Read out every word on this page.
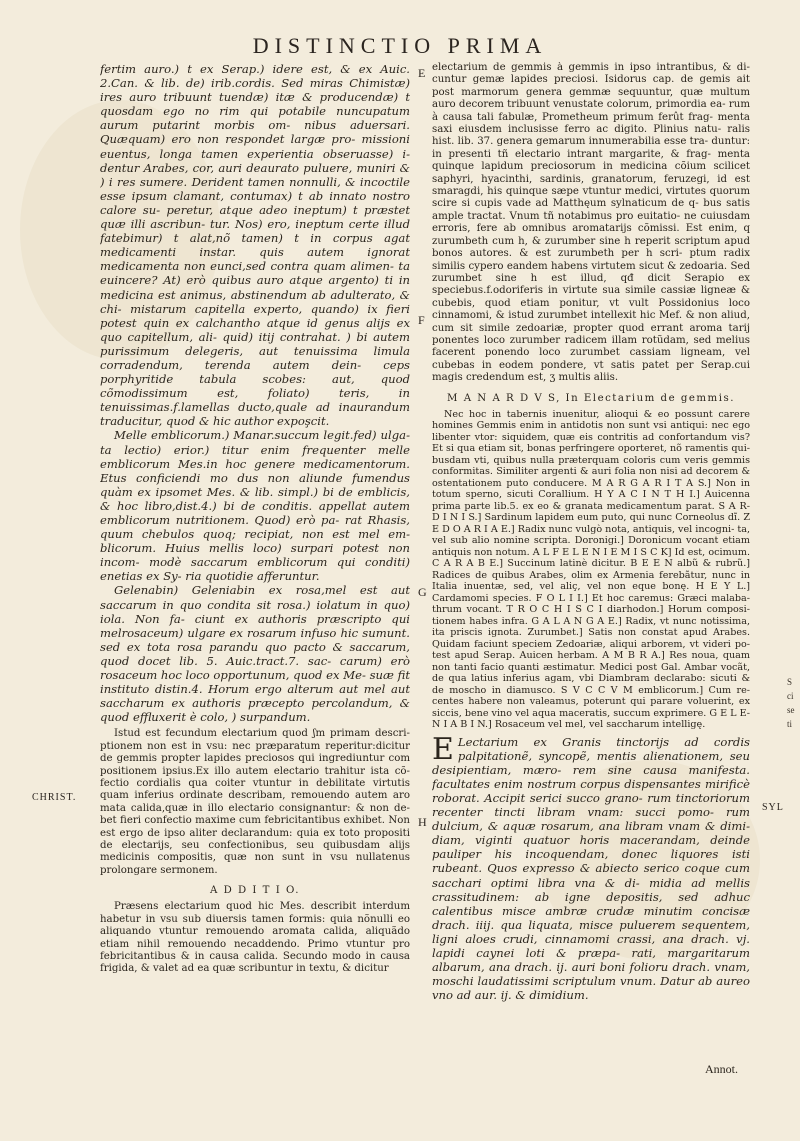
DISTINCTIO PRIMA

fertim auro.) t ex Serap.) idere est, & ex Auic. 2.Can. & lib. de) irib.cordis. Sed miras Chimistæ) ires auro tribuunt tuendæ) itæ & producendæ) t quosdam ego no rim qui potabile nuncupatum aurum putarint morbis om- nibus aduersari. Quæquam) ero non respondet largæ pro- missioni euentus, longa tamen experientia obseruasse) i- dentur Arabes, cor, auri deaurato puluere, muniri & ) i res sumere. Derident tamen nonnulli, & incoctile esse ipsum clamant, contumax) t ab innato nostro calore su- peretur, atque adeo ineptum) t præstet quæ illi ascribun- tur. Nos) ero, ineptum certe illud fatebimur) t alat,nõ tamen) t in corpus agat medicamenti instar. quis autem ignorat medicamenta non eunci,sed contra quam alimen- ta euincere? At) erò quibus auro atque argento) ti in medicina est animus, abstinendum ab adulterato, & chi- mistarum capitella experto, quando) ix fieri potest quin ex calchantho atque id genus alijs ex quo capitellum, ali- quid) itij contrahat. ) bi autem purissimum delegeris, aut tenuissima limula corradendum, terenda autem dein- ceps porphyritide tabula scobes: aut, quod cõmodissimum est, foliato) teris, in tenuissimas.f.lamellas ducto,quale ad inaurandum traducitur, quod & hic author expoşcit.

Melle emblicorum.) Manar.succum legit.fed) ulga- ta lectio) erior.) titur enim frequenter melle emblicorum Mes.in hoc genere medicamentorum. Etus conficiendi mo dus non aliunde fumendus quàm ex ipsomet Mes. & lib. simpl.) bi de emblicis, & hoc libro,dist.4.) bi de conditis. appellat autem emblicorum nutritionem. Quod) erò pa- rat Rhasis, quum chebulos quoq; recipiat, non est mel em- blicorum. Huius mellis loco) surpari potest non incom- modè saccarum emblicorum qui conditi) enetias ex Sy- ria quotidie afferuntur.

Gelenabin) Geleniabin ex rosa,mel est aut saccarum in quo condita sit rosa.) iolatum in quo) iola. Non fa- ciunt ex authoris præscripto qui melrosaceum) ulgare ex rosarum infuso hic sumunt. sed ex tota rosa parandu quo pacto & saccarum, quod docet lib. 5. Auic.tract.7. sac- carum) erò rosaceum hoc loco opportunum, quod ex Me- suæ fit instituto distin.4. Horum ergo alterum aut mel aut saccharum ex authoris præcepto percolandum, & quod effluxerit è colo, ) surpandum.

Istud est fecundum electarium quod ʃm primam descri- ptionem non est in vsu: nec præparatum reperitur:dicitur de gemmis propter lapides preciosos qui ingrediuntur com positionem ipsius.Ex illo autem electario trahitur ista cõ- fectio cordialis qua coiter vtuntur in debilitate virtutis quam inferius ordinate describam, remouendo autem aro mata calida,quæ in illo electario consignantur: & non de- bet fieri confectio maxime cum febricitantibus exhibet. Non est ergo de ipso aliter declarandum: quia ex toto propositi de electarijs, seu confectionibus, seu quibusdam alijs medicinis compositis, quæ non sunt in vsu nullatenus prolongare sermonem.

A D D I T I O.

Præsens electarium quod hic Mes. describit interdum habetur in vsu sub diuersis tamen formis: quia nõnulli eo aliquando vtuntur remouendo aromata calida, aliquãdo etiam nihil remouendo necaddendo. Primo vtuntur pro febricitantibus & in causa calida. Secundo modo in causa frigida, & valet ad ea quæ scribuntur in textu, & dicitur

electarium de gemmis à gemmis in ipso intrantibus, & di- cuntur gemæ lapides preciosi. Isidorus cap. de gemis ait post marmorum genera gemmæ sequuntur, quæ multum auro decorem tribuunt venustate colorum, primordia ea- rum à causa tali fabulæ, Prometheum primum ferût frag- menta saxi eiusdem inclusisse ferro ac digito. Plinius natu- ralis hist. lib. 37. genera gemarum innumerabilia esse tra- duntur: in presenti tñ electario intrant margarite, & frag- menta quinque lapidum preciosorum in medicina cõium scilicet saphyri, hyacinthi, sardinis, granatorum, feruzegi, id est smaragdi, his quinque sæpe vtuntur medici, virtutes quorum scire si cupis vade ad Matthęum sylnaticum de q- bus satis ample tractat. Vnum tñ notabimus pro euitatio- ne cuiusdam erroris, fere ab omnibus aromatarijs cõmissi. Est enim, q zurumbeth cum h, & zurumber sine h reperit scriptum apud bonos autores. & est zurumbeth per h scri- ptum radix similis cypero eandem habens virtutem sicut & zedoaria. Sed zurumbet sine h est illud, qđ dicit Serapio ex speciebus.f.odoriferis in virtute sua simile cassiæ ligneæ & cubebis, quod etiam ponitur, vt vult Possidonius loco cinnamomi, & istud zurumbet intellexit hic Mef. & non aliud, cum sit simile zedoariæ, propter quod errant aroma tarij ponentes loco zurumber radicem illam rotũdam, sed melius facerent ponendo loco zurumbet cassiam ligneam, vel cubebas in eodem pondere, vt satis patet per Serap.cui magis credendum est, ʒ multis aliis.

M A N A R D V S, In Electarium de gemmis.

Nec hoc in tabernis inuenitur, alioqui & eo possunt carere homines Gemmis enim in antidotis non sunt vsi antiqui: nec ego libenter vtor: siquidem, quæ eis contritis ad confortandum vis? Et si qua etiam sit, bonas perfringere oporteret, nõ ramentis qui- busdam vti, quibus nulla præterquam coloris cum veris gemmis conformitas. Similiter argenti & auri folia non nisi ad decorem & ostentationem puto conducere. M A R G A R I T A S.] Non in totum sperno, sicuti Corallium. H Y A C I N T H I.] Auicenna prima parte lib.5. ex eo & granata medicamentum parat. S A R- D I N I S.] Sardinum lapidem eum puto, qui nunc Corneolus dĩ. Z E D O A R I A E.] Radix nunc vulgò nota, antiquis, vel incogni- ta, vel sub alio nomine scripta. Doronigi.] Doronicum vocant etiam antiquis non notum. A L F E L E N I E M I S C K] Id est, ocimum. C A R A B E.] Succinum latinè dicitur. B E E N albũ & rubrũ.] Radices de quibus Arabes, olim ex Armenia ferebãtur, nunc in Italia inuentæ, sed, vel aliç, vel non eque bonę. H E Y L.] Cardamomi species. F O L I I.] Et hoc caremus: Græci malaba- thrum vocant. T R O C H I S C I diarhodon.] Horum composi- tionem habes infra. G A L A N G A E.] Radix, vt nunc notissima, ita priscis ignota. Zurumbet.] Satis non constat apud Arabes. Quidam faciunt speciem Zedoariæ, aliqui arborem, vt videri po- test apud Serap. Auicen herbam. A M B R A.] Res noua, quam non tanti facio quanti æstimatur. Medici post Gal. Ambar vocãt, de qua latius inferius agam, vbi Diambram declarabo: sicuti & de moscho in diamusco. S V C C V M emblicorum.] Cum re- centes habere non valeamus, poterunt qui parare voluerint, ex siccis, bene vino vel aqua maceratis, succum exprimere. G E L E- N I A B I N.] Rosaceum vel mel, vel saccharum intelligę.

E Lectarium ex Granis tinctorijs ad cordis palpitationẽ, syncopẽ, mentis alienationem, seu desipientiam, mæro- rem sine causa manifesta. facultates enim nostrum corpus dispensantes mirificè roborat. Accipit serici succo grano- rum tinctoriorum recenter tincti libram vnam: succi pomo- rum dulcium, & aquæ rosarum, ana libram vnam & dimi- diam, viginti quatuor horis macerandam, deinde pauliper his incoquendam, donec liquores isti rubeant. Quos expresso & abiecto serico coque cum sacchari optimi libra vna & di- midia ad mellis crassitudinem: ab igne depositis, sed adhuc calentibus misce ambræ crudæ minutim concisæ drach. iiij. qua liquata, misce puluerem sequentem, ligni aloes crudi, cinnamomi crassi, ana drach. vj. lapidi caynei loti & præpa- rati, margaritarum albarum, ana drach. ij. auri boni folioru drach. vnam, moschi laudatissimi scriptulum vnum. Datur ab aureo vno ad aur. ij. & dimidium.

E
F
G
H
CHRIST.
SYL
S
ci
se
ti
Annot.
